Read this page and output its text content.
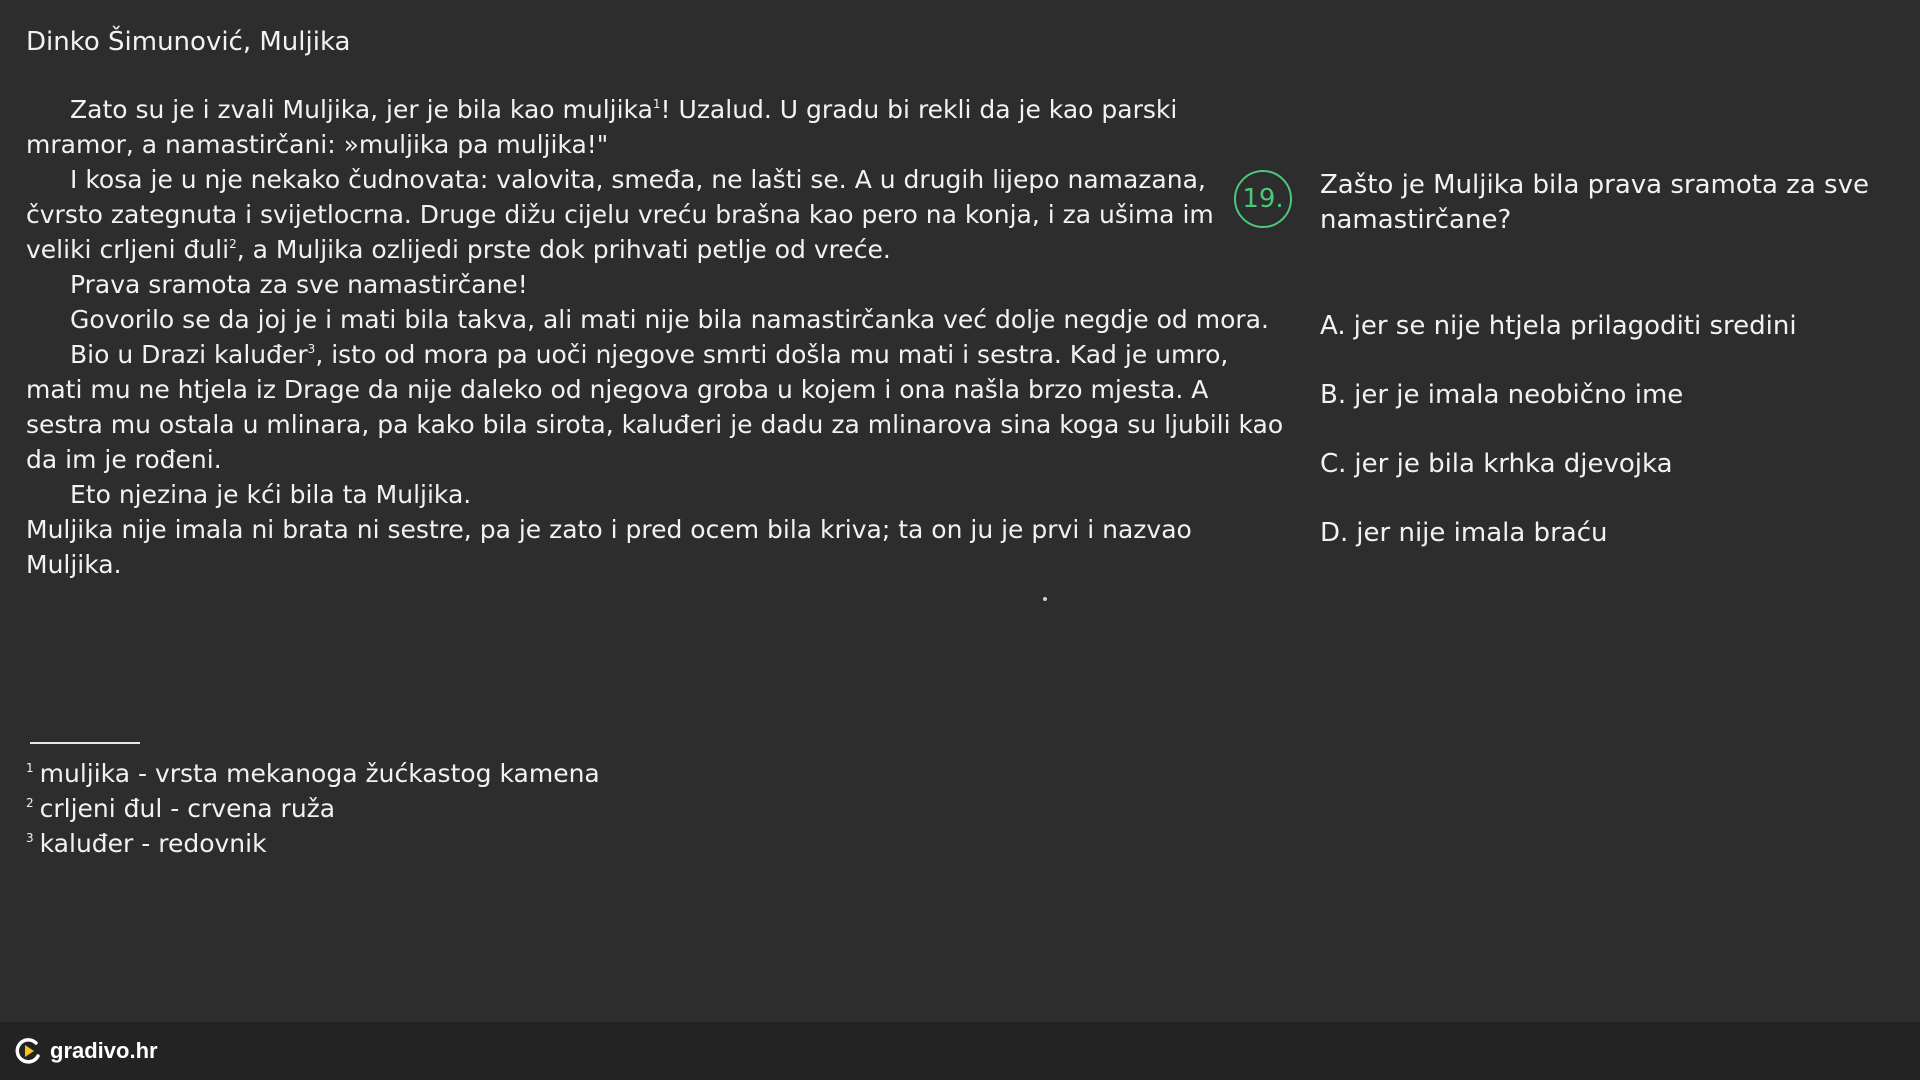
Dinko Šimunović, Muljika
Zato su je i zvali Muljika, jer je bila kao muljika$^1$! Uzalud. U gradu bi rekli da je kao parski
mramor, a namastirčani: »muljika pa muljika!"
I kosa je u nje nekako čudnovata: valovita, smeđa, ne lašti se. A u drugih lijepo namazana,
čvrsto zategnuta i svijetlocrna. Druge dižu cijelu vreću brašna kao pero na konja, i za ušima im
veliki crljeni đuli$^2$, a Muljika ozlijedi prste dok prihvati petlje od vreće.
Prava sramota za sve namastirčane!
Govorilo se da joj je i mati bila takva, ali mati nije bila namastirčanka već dolje negdje od mora.
Bio u Drazi kaluđer$^3$, isto od mora pa uoči njegove smrti došla mu mati i sestra. Kad je umro,
mati mu ne htjela iz Drage da nije daleko od njegova groba u kojem i ona našla brzo mjesta. A
sestra mu ostala u mlinara, pa kako bila sirota, kaluđeri je dadu za mlinarova sina koga su ljubili kao
da im je rođeni.
Eto njezina je kći bila ta Muljika.
Muljika nije imala ni brata ni sestre, pa je zato i pred ocem bila kriva; ta on ju je prvi i nazvao
Muljika.
$^1$ muljika - vrsta mekanoga žućkastog kamena
$^2$ crljeni đul - crvena ruža
$^3$ kaluđer - redovnik
19.	Zašto je Muljika bila prava sramota za sve namastirčane?
A. jer se nije htjela prilagoditi sredini
B. jer je imala neobično ime
C. jer je bila krhka djevojka
D. jer nije imala braću
gradivo.hr
